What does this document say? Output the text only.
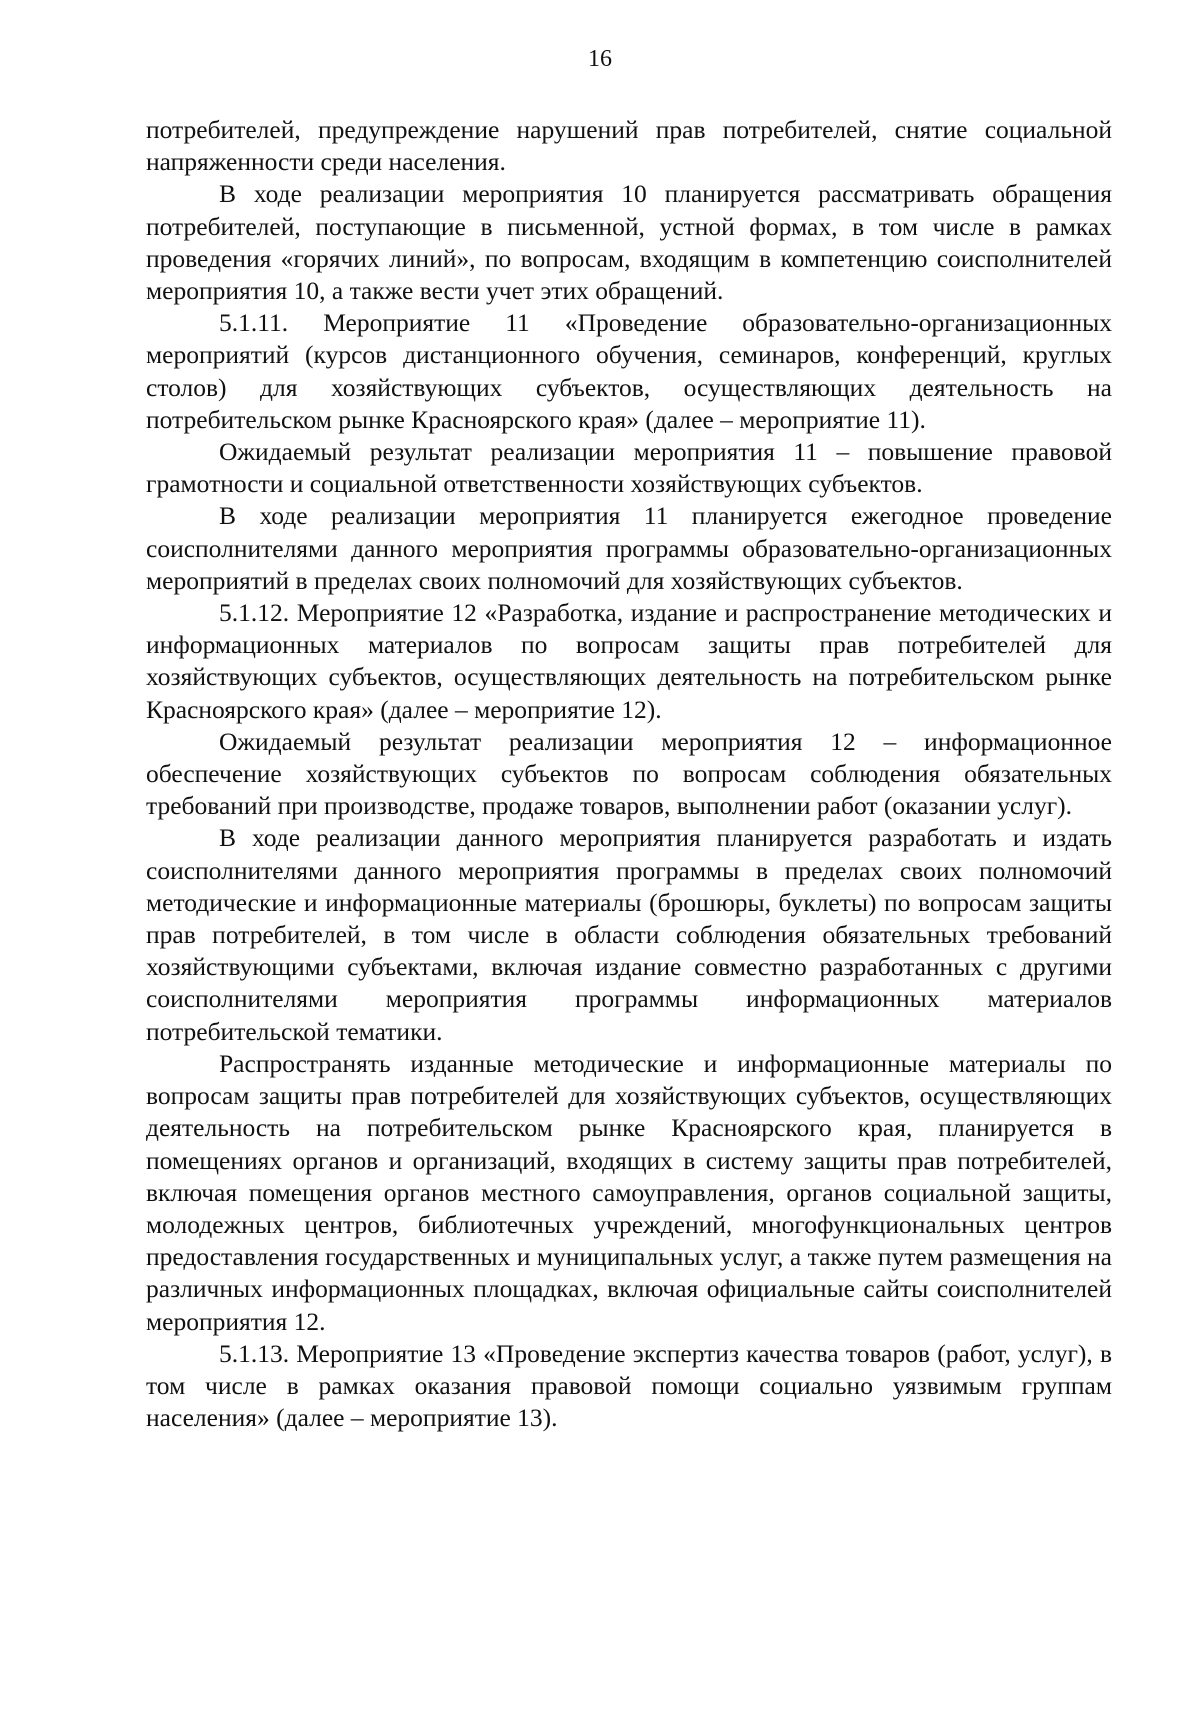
16

потребителей, предупреждение нарушений прав потребителей, снятие социальной напряженности среди населения.

В ходе реализации мероприятия 10 планируется рассматривать обращения потребителей, поступающие в письменной, устной формах, в том числе в рамках проведения «горячих линий», по вопросам, входящим в компетенцию соисполнителей мероприятия 10, а также вести учет этих обращений.

5.1.11. Мероприятие 11 «Проведение образовательно-организационных мероприятий (курсов дистанционного обучения, семинаров, конференций, круглых столов) для хозяйствующих субъектов, осуществляющих деятельность на потребительском рынке Красноярского края» (далее – мероприятие 11).

Ожидаемый результат реализации мероприятия 11 – повышение правовой грамотности и социальной ответственности хозяйствующих субъектов.

В ходе реализации мероприятия 11 планируется ежегодное проведение соисполнителями данного мероприятия программы образовательно-организационных мероприятий в пределах своих полномочий для хозяйствующих субъектов.

5.1.12. Мероприятие 12 «Разработка, издание и распространение методических и информационных материалов по вопросам защиты прав потребителей для хозяйствующих субъектов, осуществляющих деятельность на потребительском рынке Красноярского края» (далее – мероприятие 12).

Ожидаемый результат реализации мероприятия 12 – информационное обеспечение хозяйствующих субъектов по вопросам соблюдения обязательных требований при производстве, продаже товаров, выполнении работ (оказании услуг).

В ходе реализации данного мероприятия планируется разработать и издать соисполнителями данного мероприятия программы в пределах своих полномочий методические и информационные материалы (брошюры, буклеты) по вопросам защиты прав потребителей, в том числе в области соблюдения обязательных требований хозяйствующими субъектами, включая издание совместно разработанных с другими соисполнителями мероприятия программы информационных материалов потребительской тематики.

Распространять изданные методические и информационные материалы по вопросам защиты прав потребителей для хозяйствующих субъектов, осуществляющих деятельность на потребительском рынке Красноярского края, планируется в помещениях органов и организаций, входящих в систему защиты прав потребителей, включая помещения органов местного самоуправления, органов социальной защиты, молодежных центров, библиотечных учреждений, многофункциональных центров предоставления государственных и муниципальных услуг, а также путем размещения на различных информационных площадках, включая официальные сайты соисполнителей мероприятия 12.

5.1.13. Мероприятие 13 «Проведение экспертиз качества товаров (работ, услуг), в том числе в рамках оказания правовой помощи социально уязвимым группам населения» (далее – мероприятие 13).
